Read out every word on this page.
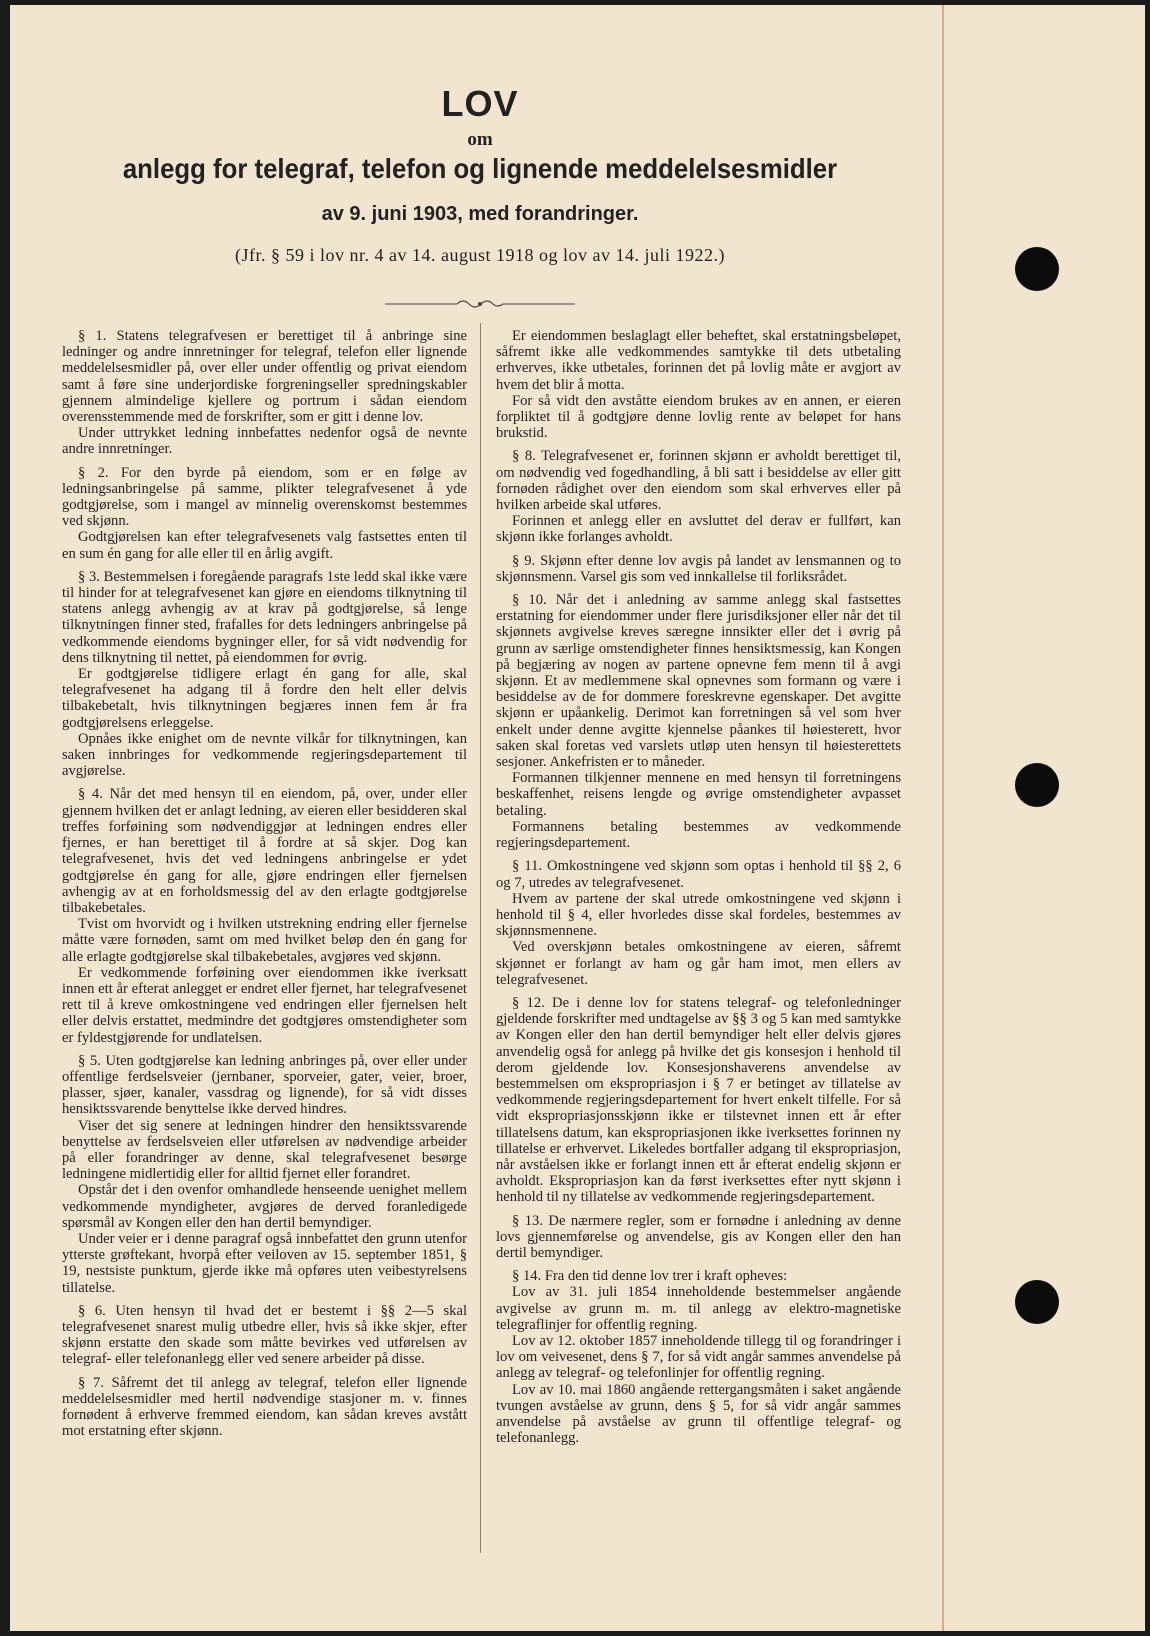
LOV
om
anlegg for telegraf, telefon og lignende meddelelsesmidler
av 9. juni 1903, med forandringer.
(Jfr. § 59 i lov nr. 4 av 14. august 1918 og lov av 14. juli 1922.)

§ 1. Statens telegrafvesen er berettiget til å anbringe sine ledninger og andre innretninger for telegraf, telefon eller lignende meddelelsesmidler på, over eller under offentlig og privat eiendom samt å føre sine underjordiske forgreningseller spredningskabler gjennem almindelige kjellere og portrum i sådan eiendom overensstemmende med de forskrifter, som er gitt i denne lov.

Under uttrykket ledning innbefattes nedenfor også de nevnte andre innretninger.

§ 2. For den byrde på eiendom, som er en følge av ledningsanbringelse på samme, plikter telegrafvesenet å yde godtgjørelse, som i mangel av minnelig overenskomst bestemmes ved skjønn.

Godtgjørelsen kan efter telegrafvesenets valg fastsettes enten til en sum én gang for alle eller til en årlig avgift.

§ 3. Bestemmelsen i foregående paragrafs 1ste ledd skal ikke være til hinder for at telegrafvesenet kan gjøre en eiendoms tilknytning til statens anlegg avhengig av at krav på godtgjørelse, så lenge tilknytningen finner sted, frafalles for dets ledningers anbringelse på vedkommende eiendoms bygninger eller, for så vidt nødvendig for dens tilknytning til nettet, på eiendommen for øvrig.

Er godtgjørelse tidligere erlagt én gang for alle, skal telegrafvesenet ha adgang til å fordre den helt eller delvis tilbakebetalt, hvis tilknytningen begjæres innen fem år fra godtgjørelsens erleggelse.

Opnåes ikke enighet om de nevnte vilkår for tilknytningen, kan saken innbringes for vedkommende regjeringsdepartement til avgjørelse.

§ 4. Når det med hensyn til en eiendom, på, over, under eller gjennem hvilken det er anlagt ledning, av eieren eller besidderen skal treffes forføining som nødvendiggjør at ledningen endres eller fjernes, er han berettiget til å fordre at så skjer. Dog kan telegrafvesenet, hvis det ved ledningens anbringelse er ydet godtgjørelse én gang for alle, gjøre endringen eller fjernelsen avhengig av at en forholdsmessig del av den erlagte godtgjørelse tilbakebetales.

Tvist om hvorvidt og i hvilken utstrekning endring eller fjernelse måtte være fornøden, samt om med hvilket beløp den én gang for alle erlagte godtgjørelse skal tilbakebetales, avgjøres ved skjønn.

Er vedkommende forføining over eiendommen ikke iverksatt innen ett år efterat anlegget er endret eller fjernet, har telegrafvesenet rett til å kreve omkostningene ved endringen eller fjernelsen helt eller delvis erstattet, medmindre det godtgjøres omstendigheter som er fyldestgjørende for undlatelsen.

§ 5. Uten godtgjørelse kan ledning anbringes på, over eller under offentlige ferdselsveier (jernbaner, sporveier, gater, veier, broer, plasser, sjøer, kanaler, vassdrag og lignende), for så vidt disses hensiktssvarende benyttelse ikke derved hindres.

Viser det sig senere at ledningen hindrer den hensiktssvarende benyttelse av ferdselsveien eller utførelsen av nødvendige arbeider på eller forandringer av denne, skal telegrafvesenet besørge ledningene midlertidig eller for alltid fjernet eller forandret.

Opstår det i den ovenfor omhandlede henseende uenighet mellem vedkommende myndigheter, avgjøres de derved foranledigede spørsmål av Kongen eller den han dertil bemyndiger.

Under veier er i denne paragraf også innbefattet den grunn utenfor ytterste grøftekant, hvorpå efter veiloven av 15. september 1851, § 19, nestsiste punktum, gjerde ikke må opføres uten veibestyrelsens tillatelse.

§ 6. Uten hensyn til hvad det er bestemt i §§ 2—5 skal telegrafvesenet snarest mulig utbedre eller, hvis så ikke skjer, efter skjønn erstatte den skade som måtte bevirkes ved utførelsen av telegraf- eller telefonanlegg eller ved senere arbeider på disse.

§ 7. Såfremt det til anlegg av telegraf, telefon eller lignende meddelelsesmidler med hertil nødvendige stasjoner m. v. finnes fornødent å erhverve fremmed eiendom, kan sådan kreves avstått mot erstatning efter skjønn.

Er eiendommen beslaglagt eller beheftet, skal erstatningsbeløpet, såfremt ikke alle vedkommendes samtykke til dets utbetaling erhverves, ikke utbetales, forinnen det på lovlig måte er avgjort av hvem det blir å motta.

For så vidt den avståtte eiendom brukes av en annen, er eieren forpliktet til å godtgjøre denne lovlig rente av beløpet for hans brukstid.

§ 8. Telegrafvesenet er, forinnen skjønn er avholdt berettiget til, om nødvendig ved fogedhandling, å bli satt i besiddelse av eller gitt fornøden rådighet over den eiendom som skal erhverves eller på hvilken arbeide skal utføres.

Forinnen et anlegg eller en avsluttet del derav er fullført, kan skjønn ikke forlanges avholdt.

§ 9. Skjønn efter denne lov avgis på landet av lensmannen og to skjønnsmenn. Varsel gis som ved innkallelse til forliksrådet.

§ 10. Når det i anledning av samme anlegg skal fastsettes erstatning for eiendommer under flere jurisdiksjoner eller når det til skjønnets avgivelse kreves særegne innsikter eller det i øvrig på grunn av særlige omstendigheter finnes hensiktsmessig, kan Kongen på begjæring av nogen av partene opnevne fem menn til å avgi skjønn. Et av medlemmene skal opnevnes som formann og være i besiddelse av de for dommere foreskrevne egenskaper. Det avgitte skjønn er upåankelig. Derimot kan forretningen så vel som hver enkelt under denne avgitte kjennelse påankes til høiesterett, hvor saken skal foretas ved varslets utløp uten hensyn til høiesterettets sesjoner. Ankefristen er to måneder.

Formannen tilkjenner mennene en med hensyn til forretningens beskaffenhet, reisens lengde og øvrige omstendigheter avpasset betaling.

Formannens betaling bestemmes av vedkommende regjeringsdepartement.

§ 11. Omkostningene ved skjønn som optas i henhold til §§ 2, 6 og 7, utredes av telegrafvesenet.

Hvem av partene der skal utrede omkostningene ved skjønn i henhold til § 4, eller hvorledes disse skal fordeles, bestemmes av skjønnsmennene.

Ved overskjønn betales omkostningene av eieren, såfremt skjønnet er forlangt av ham og går ham imot, men ellers av telegrafvesenet.

§ 12. De i denne lov for statens telegraf- og telefonledninger gjeldende forskrifter med undtagelse av §§ 3 og 5 kan med samtykke av Kongen eller den han dertil bemyndiger helt eller delvis gjøres anvendelig også for anlegg på hvilke det gis konsesjon i henhold til derom gjeldende lov. Konsesjonshaverens anvendelse av bestemmelsen om ekspropriasjon i § 7 er betinget av tillatelse av vedkommende regjeringsdepartement for hvert enkelt tilfelle. For så vidt ekspropriasjonsskjønn ikke er tilstevnet innen ett år efter tillatelsens datum, kan ekspropriasjonen ikke iverksettes forinnen ny tillatelse er erhvervet. Likeledes bortfaller adgang til ekspropriasjon, når avståelsen ikke er forlangt innen ett år efterat endelig skjønn er avholdt. Ekspropriasjon kan da først iverksettes efter nytt skjønn i henhold til ny tillatelse av vedkommende regjeringsdepartement.

§ 13. De nærmere regler, som er fornødne i anledning av denne lovs gjennemførelse og anvendelse, gis av Kongen eller den han dertil bemyndiger.

§ 14. Fra den tid denne lov trer i kraft opheves:

Lov av 31. juli 1854 inneholdende bestemmelser angående avgivelse av grunn m. m. til anlegg av elektro-magnetiske telegraflinjer for offentlig regning.

Lov av 12. oktober 1857 inneholdende tillegg til og forandringer i lov om veivesenet, dens § 7, for så vidt angår sammes anvendelse på anlegg av telegraf- og telefonlinjer for offentlig regning.

Lov av 10. mai 1860 angående rettergangsmåten i saket angående tvungen avståelse av grunn, dens § 5, for så vidr angår sammes anvendelse på avståelse av grunn til offentlige telegraf- og telefonanlegg.
